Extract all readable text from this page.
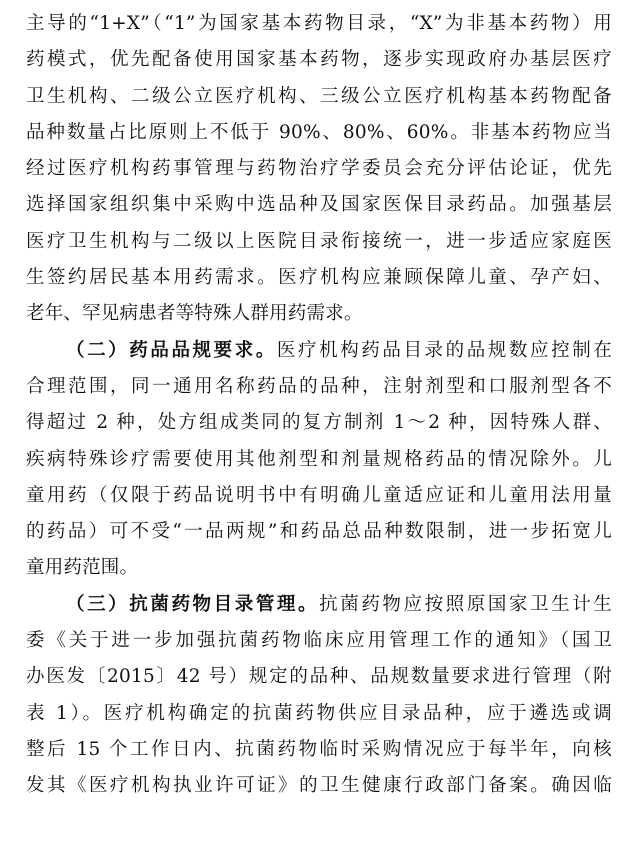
主导的“1+X”（“1”为国家基本药物目录，“X”为非基本药物）用
药模式，优先配备使用国家基本药物，逐步实现政府办基层医疗
卫生机构、二级公立医疗机构、三级公立医疗机构基本药物配备
品种数量占比原则上不低于 90%、80%、60%。非基本药物应当
经过医疗机构药事管理与药物治疗学委员会充分评估论证，优先
选择国家组织集中采购中选品种及国家医保目录药品。加强基层
医疗卫生机构与二级以上医院目录衔接统一，进一步适应家庭医
生签约居民基本用药需求。医疗机构应兼顾保障儿童、孕产妇、
老年、罕见病患者等特殊人群用药需求。
（二）药品品规要求。医疗机构药品目录的品规数应控制在
合理范围，同一通用名称药品的品种，注射剂型和口服剂型各不
得超过 2 种，处方组成类同的复方制剂 1～2 种，因特殊人群、
疾病特殊诊疗需要使用其他剂型和剂量规格药品的情况除外。儿
童用药（仅限于药品说明书中有明确儿童适应证和儿童用法用量
的药品）可不受“一品两规”和药品总品种数限制，进一步拓宽儿
童用药范围。
（三）抗菌药物目录管理。抗菌药物应按照原国家卫生计生
委《关于进一步加强抗菌药物临床应用管理工作的通知》（国卫
办医发〔2015〕42 号）规定的品种、品规数量要求进行管理（附
表 1）。医疗机构确定的抗菌药物供应目录品种，应于遴选或调
整后 15 个工作日内、抗菌药物临时采购情况应于每半年，向核
发其《医疗机构执业许可证》的卫生健康行政部门备案。确因临
